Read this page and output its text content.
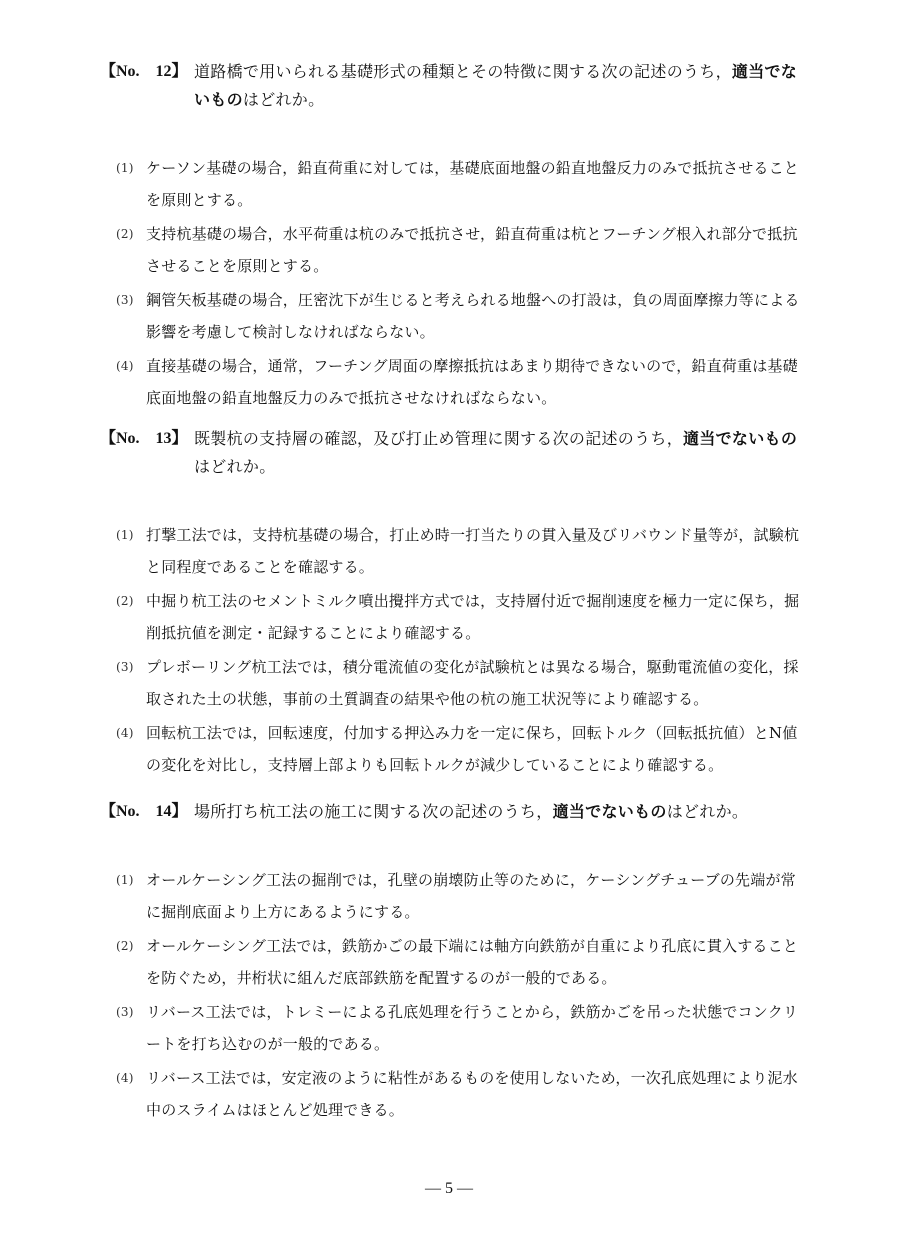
【No.　12】 道路橋で用いられる基礎形式の種類とその特徴に関する次の記述のうち，適当でないものはどれか。
(1) ケーソン基礎の場合，鉛直荷重に対しては，基礎底面地盤の鉛直地盤反力のみで抵抗させることを原則とする。
(2) 支持杭基礎の場合，水平荷重は杭のみで抵抗させ，鉛直荷重は杭とフーチング根入れ部分で抵抗させることを原則とする。
(3) 鋼管矢板基礎の場合，圧密沈下が生じると考えられる地盤への打設は，負の周面摩擦力等による影響を考慮して検討しなければならない。
(4) 直接基礎の場合，通常，フーチング周面の摩擦抵抗はあまり期待できないので，鉛直荷重は基礎底面地盤の鉛直地盤反力のみで抵抗させなければならない。
【No.　13】 既製杭の支持層の確認，及び打止め管理に関する次の記述のうち，適当でないものはどれか。
(1) 打撃工法では，支持杭基礎の場合，打止め時一打当たりの貫入量及びリバウンド量等が，試験杭と同程度であることを確認する。
(2) 中掘り杭工法のセメントミルク噴出攪拌方式では，支持層付近で掘削速度を極力一定に保ち，掘削抵抗値を測定・記録することにより確認する。
(3) プレボーリング杭工法では，積分電流値の変化が試験杭とは異なる場合，駆動電流値の変化，採取された土の状態，事前の土質調査の結果や他の杭の施工状況等により確認する。
(4) 回転杭工法では，回転速度，付加する押込み力を一定に保ち，回転トルク（回転抵抗値）とN値の変化を対比し，支持層上部よりも回転トルクが減少していることにより確認する。
【No.　14】 場所打ち杭工法の施工に関する次の記述のうち，適当でないものはどれか。
(1) オールケーシング工法の掘削では，孔壁の崩壊防止等のために，ケーシングチューブの先端が常に掘削底面より上方にあるようにする。
(2) オールケーシング工法では，鉄筋かごの最下端には軸方向鉄筋が自重により孔底に貫入することを防ぐため，井桁状に組んだ底部鉄筋を配置するのが一般的である。
(3) リバース工法では，トレミーによる孔底処理を行うことから，鉄筋かごを吊った状態でコンクリートを打ち込むのが一般的である。
(4) リバース工法では，安定液のように粘性があるものを使用しないため，一次孔底処理により泥水中のスライムはほとんど処理できる。
— 5 —
